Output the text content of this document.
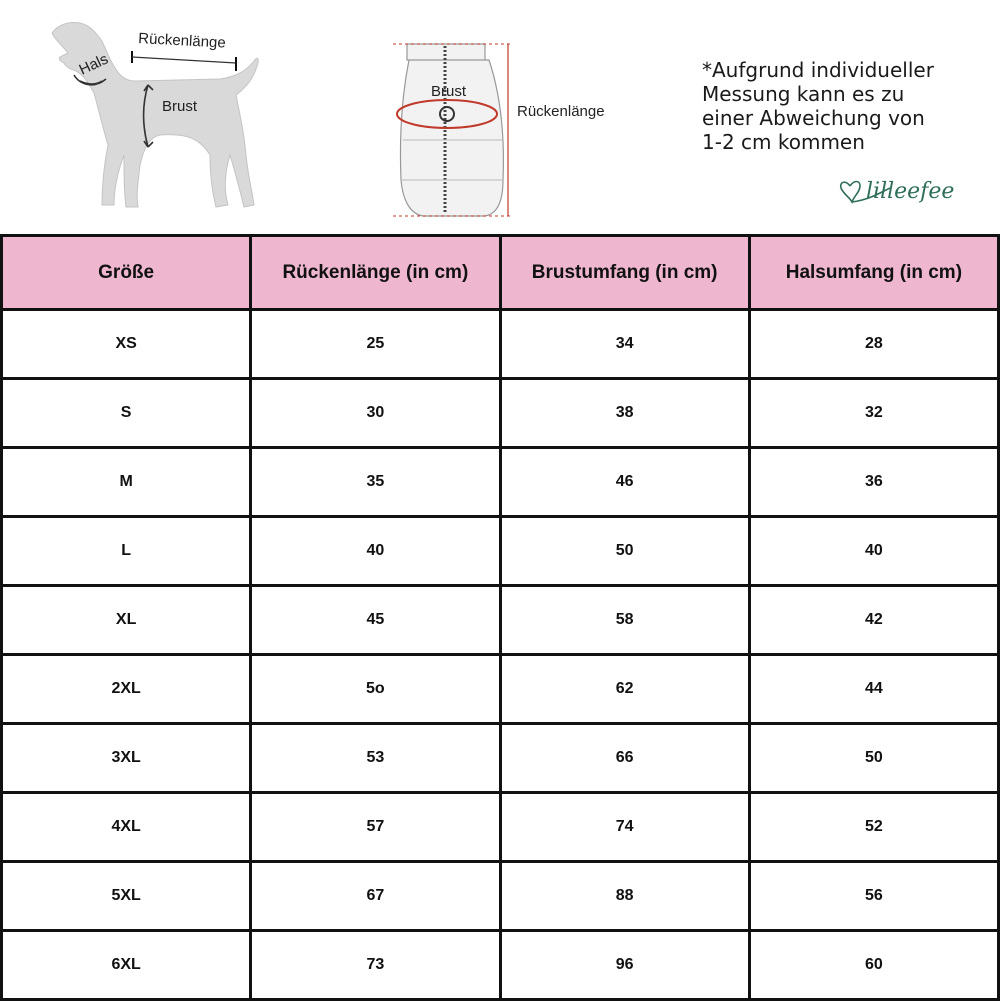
Hals
Rückenlänge
Brust
Brust
Rückenlänge
*Aufgrund individueller
Messung kann es zu
einer Abweichung von
1-2 cm kommen
lilleefee
Größe	Rückenlänge (in cm)	Brustumfang (in cm)	Halsumfang (in cm)
XS	25	34	28
S	30	38	32
M	35	46	36
L	40	50	40
XL	45	58	42
2XL	5o	62	44
3XL	53	66	50
4XL	57	74	52
5XL	67	88	56
6XL	73	96	60
